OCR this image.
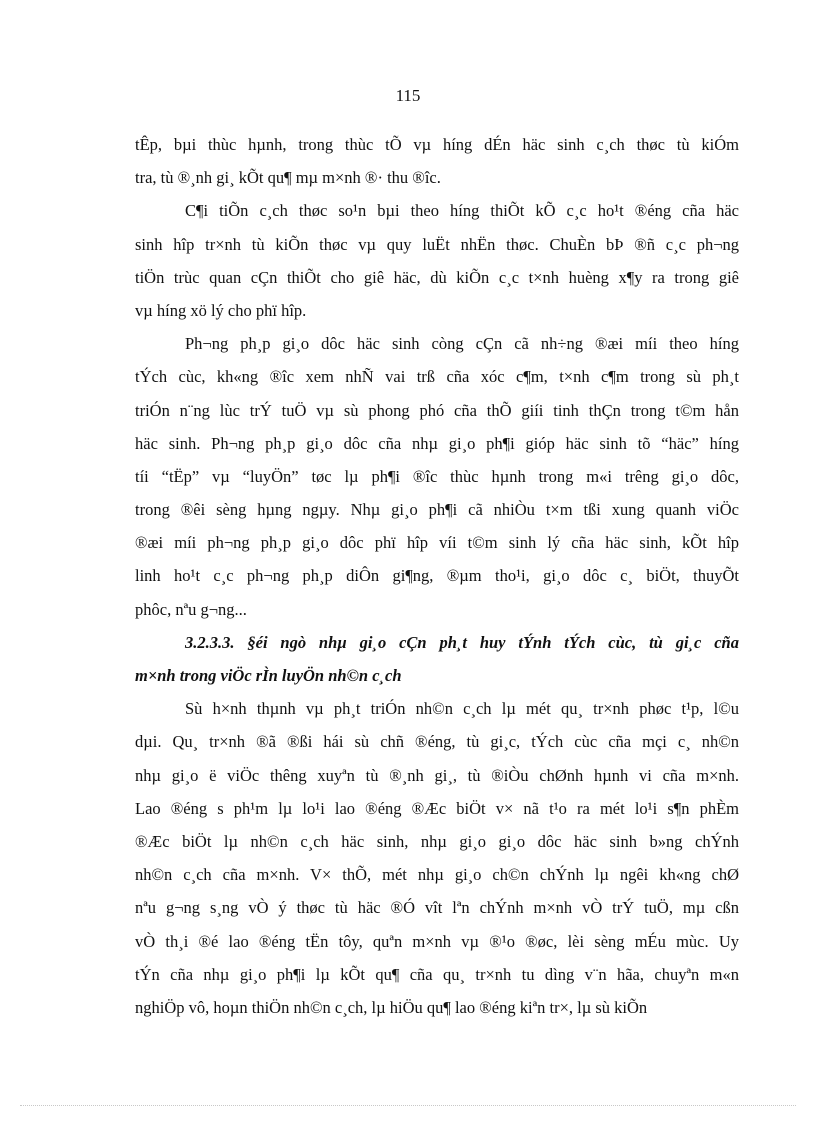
115
tÊp, bµi thùc hµnh, trong thùc tÕ vµ híng dÉn häc sinh c¸ch thøc tù kiÓm
tra, tù ®¸nh gi¸ kÕt qu¶ mµ m×nh ®· thu ®îc.
C¶i tiÕn c¸ch thøc so¹n bµi theo híng thiÕt kÕ c¸c ho¹t ®éng cña häc
sinh hîp tr×nh tù kiÕn thøc vµ quy luËt nhËn thøc. ChuÈn bÞ ®ñ c¸c ph¬ng
tiÖn trùc quan cÇn thiÕt cho giê häc, dù kiÕn c¸c t×nh huèng x¶y ra trong giê
vµ híng xö lý cho phï hîp.
Ph¬ng ph¸p gi¸o dôc häc sinh còng cÇn cã nh÷ng ®æi míi theo híng
tÝch cùc, kh«ng ®îc xem nhÑ vai trß cña xóc c¶m, t×nh c¶m trong sù ph¸t
triÓn n¨ng lùc trÝ tuÖ vµ sù phong phó cña thÕ giíi tinh thÇn trong t©m hån
häc sinh. Ph¬ng ph¸p gi¸o dôc cña nhµ gi¸o ph¶i gióp häc sinh tõ “häc” híng
tíi “tËp” vµ “luyÖn” tøc lµ ph¶i ®îc thùc hµnh trong m«i trêng gi¸o dôc,
trong ®êi sèng hµng ngµy. Nhµ gi¸o ph¶i cã nhiÒu t×m tßi xung quanh viÖc
®æi míi ph¬ng ph¸p gi¸o dôc phï hîp víi t©m sinh lý cña häc sinh, kÕt hîp
linh ho¹t c¸c ph¬ng ph¸p diÔn gi¶ng, ®µm tho¹i, gi¸o dôc c¸ biÖt, thuyÕt
phôc, nªu g¬ng...
3.2.3.3. §éi ngò nhµ gi¸o cÇn ph¸t huy tÝnh tÝch cùc, tù gi¸c cña
m×nh trong viÖc rÌn luyÖn nh©n c¸ch
Sù h×nh thµnh vµ ph¸t triÓn nh©n c¸ch lµ mét qu¸ tr×nh phøc t¹p, l©u
dµi. Qu¸ tr×nh ®ã ®ßi hái sù chñ ®éng, tù gi¸c, tÝch cùc cña mçi c¸ nh©n
nhµ gi¸o ë viÖc thêng xuyªn tù ®¸nh gi¸, tù ®iÒu chØnh hµnh vi cña m×nh.
Lao ®éng s ph¹m lµ lo¹i lao ®éng ®Æc biÖt v× nã t¹o ra mét lo¹i s¶n phÈm
®Æc biÖt lµ nh©n c¸ch häc sinh, nhµ gi¸o gi¸o dôc häc sinh b»ng chÝnh
nh©n c¸ch cña m×nh. V× thÕ, mét nhµ gi¸o ch©n chÝnh lµ ngêi kh«ng chØ
nªu g¬ng s¸ng vÒ ý thøc tù häc ®Ó vît lªn chÝnh m×nh vÒ trÝ tuÖ, mµ cßn
vÒ th¸i ®é lao ®éng tËn tôy, quªn m×nh vµ ®¹o ®øc, lèi sèng mÉu mùc. Uy
tÝn cña nhµ gi¸o ph¶i lµ kÕt qu¶ cña qu¸ tr×nh tu dìng v¨n hãa, chuyªn m«n
nghiÖp vô, hoµn thiÖn nh©n c¸ch, lµ hiÖu qu¶ lao ®éng kiªn tr×, lµ sù kiÕn
